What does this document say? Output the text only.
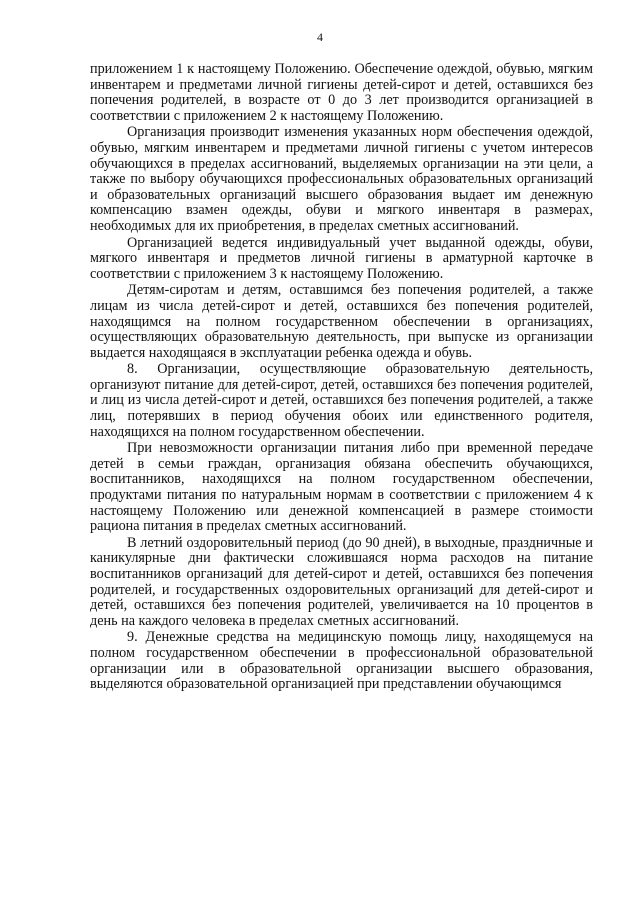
4

приложением 1 к настоящему Положению. Обеспечение одеждой, обувью, мягким инвентарем и предметами личной гигиены детей-сирот и детей, оставшихся без попечения родителей, в возрасте от 0 до 3 лет производится организацией в соответствии с приложением 2 к настоящему Положению.

Организация производит изменения указанных норм обеспечения одеждой, обувью, мягким инвентарем и предметами личной гигиены с учетом интересов обучающихся в пределах ассигнований, выделяемых организации на эти цели, а также по выбору обучающихся профессиональных образовательных организаций и образовательных организаций высшего образования выдает им денежную компенсацию взамен одежды, обуви и мягкого инвентаря в размерах, необходимых для их приобретения, в пределах сметных ассигнований.

Организацией ведется индивидуальный учет выданной одежды, обуви, мягкого инвентаря и предметов личной гигиены в арматурной карточке в соответствии с приложением 3 к настоящему Положению.

Детям-сиротам и детям, оставшимся без попечения родителей, а также лицам из числа детей-сирот и детей, оставшихся без попечения родителей, находящимся на полном государственном обеспечении в организациях, осуществляющих образовательную деятельность, при выпуске из организации выдается находящаяся в эксплуатации ребенка одежда и обувь.

8. Организации, осуществляющие образовательную деятельность, организуют питание для детей-сирот, детей, оставшихся без попечения родителей, и лиц из числа детей-сирот и детей, оставшихся без попечения родителей, а также лиц, потерявших в период обучения обоих или единственного родителя, находящихся на полном государственном обеспечении.

При невозможности организации питания либо при временной передаче детей в семьи граждан, организация обязана обеспечить обучающихся, воспитанников, находящихся на полном государственном обеспечении, продуктами питания по натуральным нормам в соответствии с приложением 4 к настоящему Положению или денежной компенсацией в размере стоимости рациона питания в пределах сметных ассигнований.

В летний оздоровительный период (до 90 дней), в выходные, праздничные и каникулярные дни фактически сложившаяся норма расходов на питание воспитанников организаций для детей-сирот и детей, оставшихся без попечения родителей, и государственных оздоровительных организаций для детей-сирот и детей, оставшихся без попечения родителей, увеличивается на 10 процентов в день на каждого человека в пределах сметных ассигнований.

9. Денежные средства на медицинскую помощь лицу, находящемуся на полном государственном обеспечении в профессиональной образовательной организации или в образовательной организации высшего образования, выделяются образовательной организацией при представлении обучающимся
